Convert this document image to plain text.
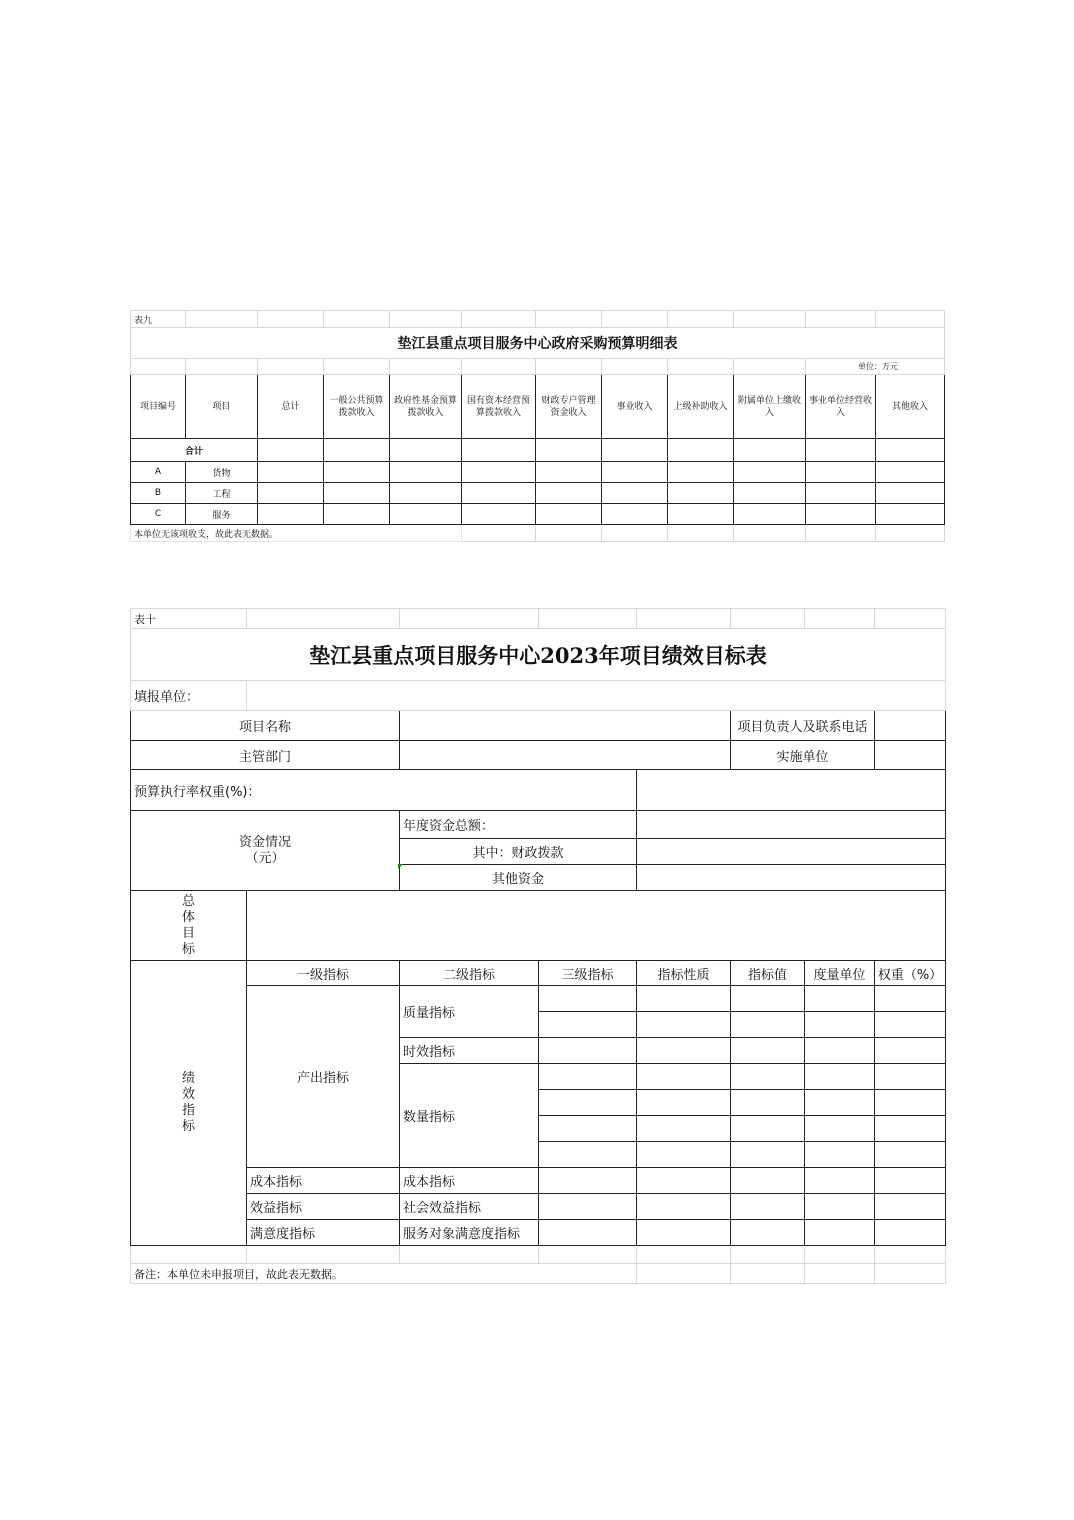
表九											
垫江县重点项目服务中心政府采购预算明细表											
										单位：万元	
项目编号	项目	总计	一般公共预算拨款收入	政府性基金预算拨款收入	国有资本经营预算拨款收入	财政专户管理资金收入	事业收入	上级补助收入	附属单位上缴收入	事业单位经营收入	其他收入
合计											
A	货物										
B	工程										
C	服务										
本单位无该项收支，故此表无数据。											
表十							
垫江县重点项目服务中心2023年项目绩效目标表							
填报单位：							
项目名称					项目负责人及联系电话		
主管部门					实施单位		
预算执行率权重(%)：							

资金情况
（元）		年度资金总额：					
		其中：财政拨款					
		其他资金					

总体目标							

绩效指标	一级指标	二级指标	三级指标	指标性质	指标值	度量单位	权重（%）
	产出指标	质量指标					

		时效指标					
		数量指标					

	成本指标	成本指标					
	效益指标	社会效益指标					
	满意度指标	服务对象满意度指标					

备注：本单位未申报项目，故此表无数据。							
